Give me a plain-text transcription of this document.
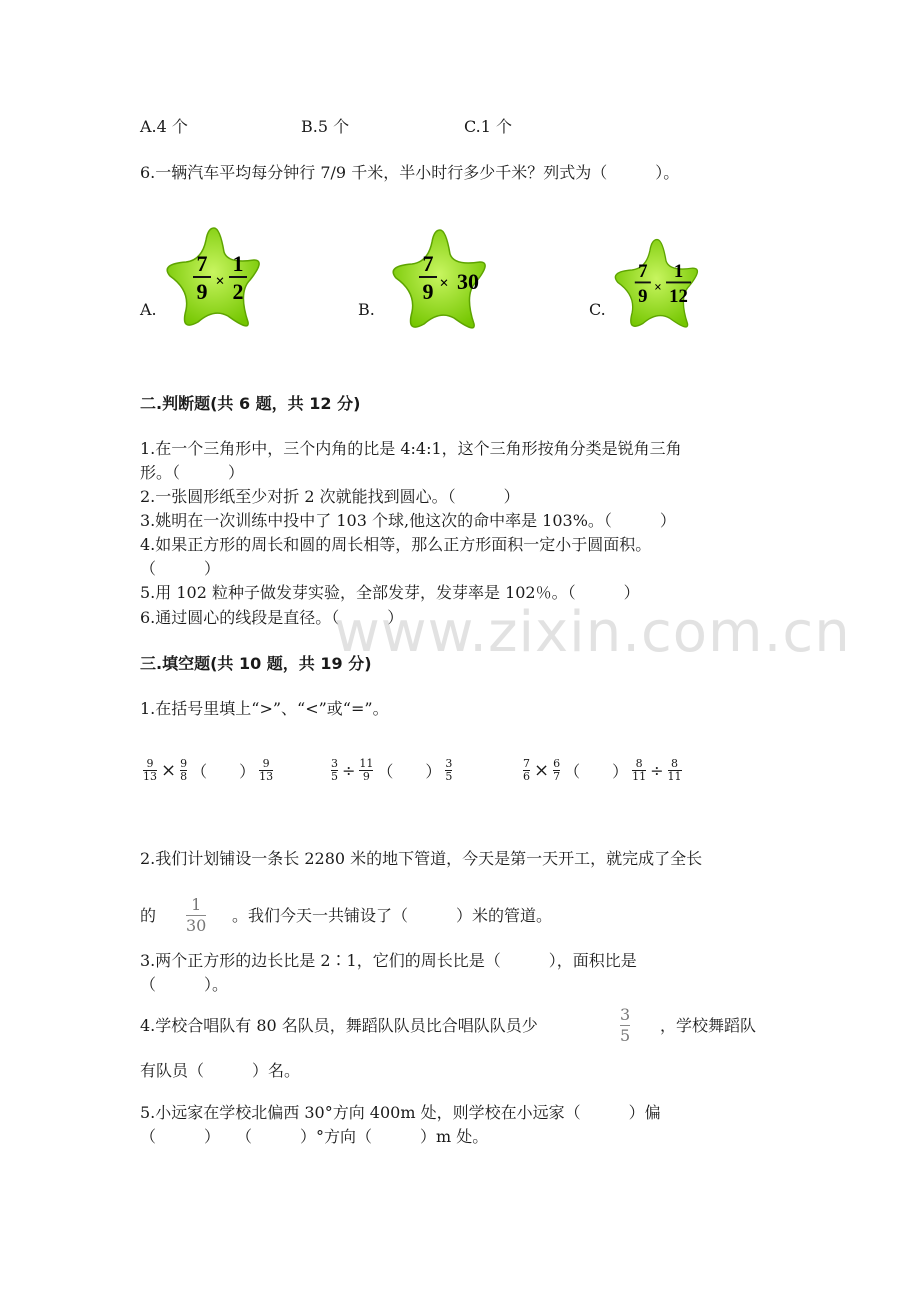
A.4 个	B.5 个	C.1 个
6.一辆汽车平均每分钟行 7/9 千米，半小时行多少千米？列式为（　　　）。
A.	B.	C.
7
9 ×
1
2
7
9 × 30	7
9 ×
1
12
二.判断题(共 6 题，共 12 分)
1.在一个三角形中，三个内角的比是 4:4:1，这个三角形按角分类是锐角三角
形。（　　　）
2.一张圆形纸至少对折 2 次就能找到圆心。（　　　）
3.姚明在一次训练中投中了 103 个球,他这次的命中率是 103%。（　　　）
4.如果正方形的周长和圆的周长相等，那么正方形面积一定小于圆面积。
（　　　）
5.用 102 粒种子做发芽实验，全部发芽，发芽率是 102％。（　　　）
6.通过圆心的线段是直径。（　　　）
www.zixin.com.cn
三.填空题(共 10 题，共 19 分)
1.在括号里填上“>”、“<”或“=”。
9
13 × 9
8 （　　） 9
13
3
5 ÷ 11
9 （　　） 3
5
7
6 × 6
7 （　　） 8
11 ÷ 8
11
2.我们计划铺设一条长 2280 米的地下管道，今天是第一天开工，就完成了全长
的
1
30
。我们今天一共铺设了（　　　）米的管道。
3.两个正方形的边长比是 2∶1，它们的周长比是（　　　），面积比是
（　　　）。
4.学校合唱队有 80 名队员，舞蹈队队员比合唱队队员少
3
5
，学校舞蹈队
有队员（　　　）名。
5.小远家在学校北偏西 30°方向 400m 处，则学校在小远家（　　　）偏
（　　　）　　（　　　）°方向（　　　）m 处。
